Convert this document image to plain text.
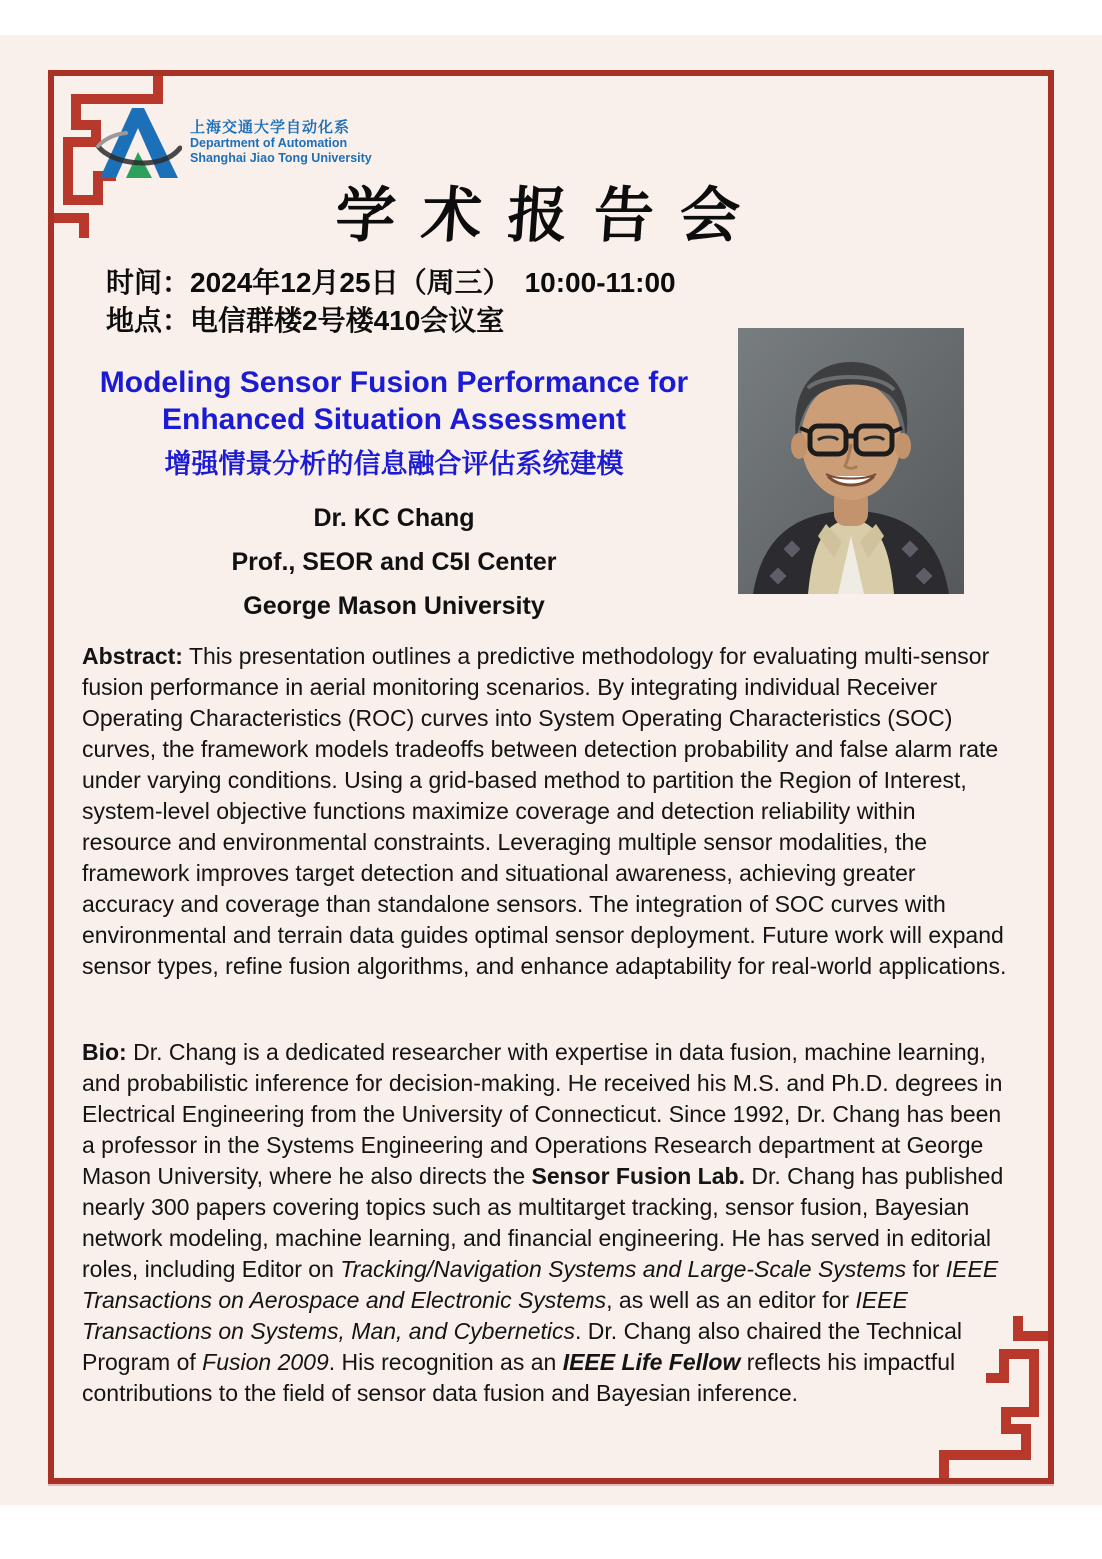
上海交通大学自动化系
Department of Automation
Shanghai Jiao Tong University
学术报告会
时间：2024年12月25日（周三）　10:00-11:00
地点：电信群楼2号楼410会议室
Modeling Sensor Fusion Performance for
Enhanced Situation Assessment
增强情景分析的信息融合评估系统建模
Dr. KC Chang
Prof., SEOR and C5I Center
George Mason University
Abstract: This presentation outlines a predictive methodology for evaluating multi-sensor fusion performance in aerial monitoring scenarios. By integrating individual Receiver Operating Characteristics (ROC) curves into System Operating Characteristics (SOC) curves, the framework models tradeoffs between detection probability and false alarm rate under varying conditions. Using a grid-based method to partition the Region of Interest, system-level objective functions maximize coverage and detection reliability within resource and environmental constraints. Leveraging multiple sensor modalities, the framework improves target detection and situational awareness, achieving greater accuracy and coverage than standalone sensors. The integration of SOC curves with environmental and terrain data guides optimal sensor deployment. Future work will expand sensor types, refine fusion algorithms, and enhance adaptability for real-world applications.
Bio: Dr. Chang is a dedicated researcher with expertise in data fusion, machine learning, and probabilistic inference for decision-making. He received his M.S. and Ph.D. degrees in Electrical Engineering from the University of Connecticut. Since 1992, Dr. Chang has been a professor in the Systems Engineering and Operations Research department at George Mason University, where he also directs the Sensor Fusion Lab. Dr. Chang has published nearly 300 papers covering topics such as multitarget tracking, sensor fusion, Bayesian network modeling, machine learning, and financial engineering. He has served in editorial roles, including Editor on Tracking/Navigation Systems and Large-Scale Systems for IEEE Transactions on Aerospace and Electronic Systems, as well as an editor for IEEE Transactions on Systems, Man, and Cybernetics. Dr. Chang also chaired the Technical Program of Fusion 2009. His recognition as an IEEE Life Fellow reflects his impactful contributions to the field of sensor data fusion and Bayesian inference.
